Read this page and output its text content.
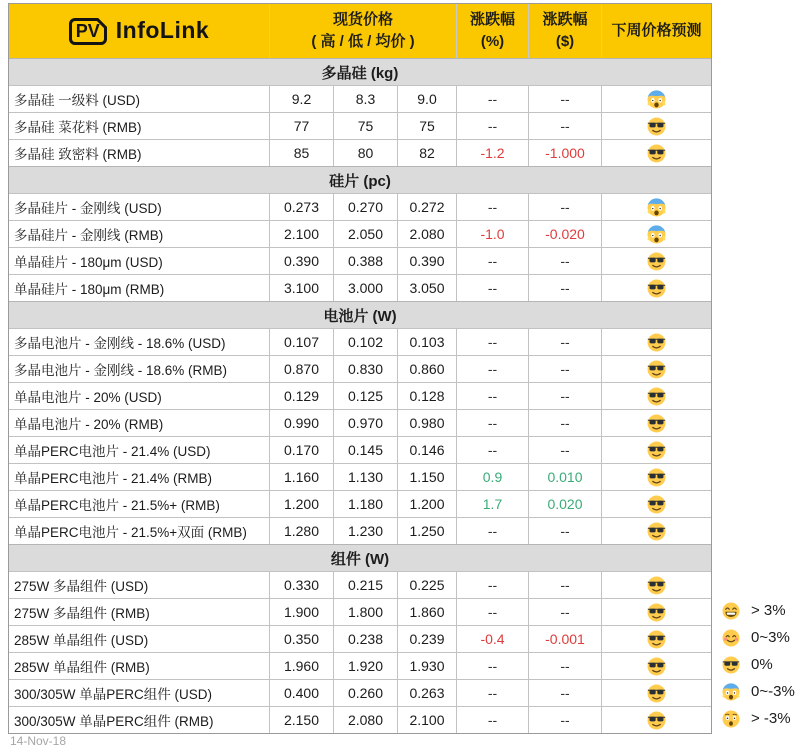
PV InfoLink	现货价格
( 高 / 低 / 均价 )
涨跌幅
(%)
涨跌幅
($)
下周价格预测
多晶硅 (kg)
多晶硅 一级料 (USD)	9.2	8.3	9.0	--	--
多晶硅 菜花料 (RMB)	77	75	75	--	--
多晶硅 致密料 (RMB)	85	80	82	-1.2	-1.000
硅片 (pc)
多晶硅片 - 金刚线 (USD)	0.273	0.270	0.272	--	--
多晶硅片 - 金刚线 (RMB)	2.100	2.050	2.080	-1.0	-0.020
单晶硅片 - 180μm (USD)	0.390	0.388	0.390	--	--
单晶硅片 - 180μm (RMB)	3.100	3.000	3.050	--	--
电池片 (W)
多晶电池片 - 金刚线 - 18.6% (USD)	0.107	0.102	0.103	--	--
多晶电池片 - 金刚线 - 18.6% (RMB)	0.870	0.830	0.860	--	--
单晶电池片 - 20% (USD)	0.129	0.125	0.128	--	--
单晶电池片 - 20% (RMB)	0.990	0.970	0.980	--	--
单晶PERC电池片 - 21.4% (USD)	0.170	0.145	0.146	--	--
单晶PERC电池片 - 21.4% (RMB)	1.160	1.130	1.150	0.9	0.010
单晶PERC电池片 - 21.5%+ (RMB)	1.200	1.180	1.200	1.7	0.020
单晶PERC电池片 - 21.5%+双面 (RMB)	1.280	1.230	1.250	--	--
组件 (W)
275W 多晶组件 (USD)	0.330	0.215	0.225	--	--
275W 多晶组件 (RMB)	1.900	1.800	1.860	--	--
285W 单晶组件 (USD)	0.350	0.238	0.239	-0.4	-0.001
285W 单晶组件 (RMB)	1.960	1.920	1.930	--	--
300/305W 单晶PERC组件 (USD)	0.400	0.260	0.263	--	--
300/305W 单晶PERC组件 (RMB)	2.150	2.080	2.100	--	--
> 3%
0~3%
0%
0~-3%
> -3%
14-Nov-18
